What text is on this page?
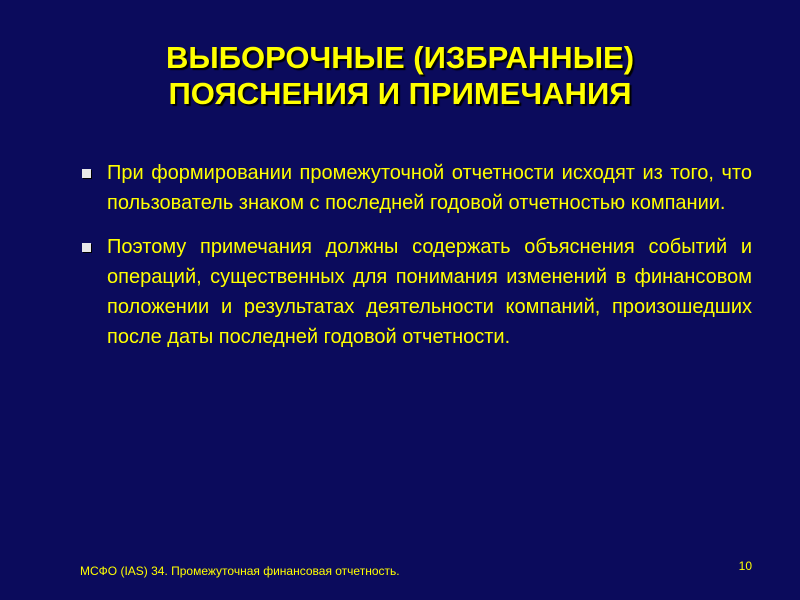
ВЫБОРОЧНЫЕ (ИЗБРАННЫЕ)
ПОЯСНЕНИЯ И ПРИМЕЧАНИЯ
При формировании промежуточной отчетности исходят из того, что пользователь знаком с последней годовой отчетностью компании.
Поэтому примечания должны содержать объяснения событий и операций, существенных для понимания изменений в финансовом положении и результатах деятельности компаний, произошедших после даты последней годовой отчетности.
МСФО (IAS) 34. Промежуточная финансовая отчетность.	10
